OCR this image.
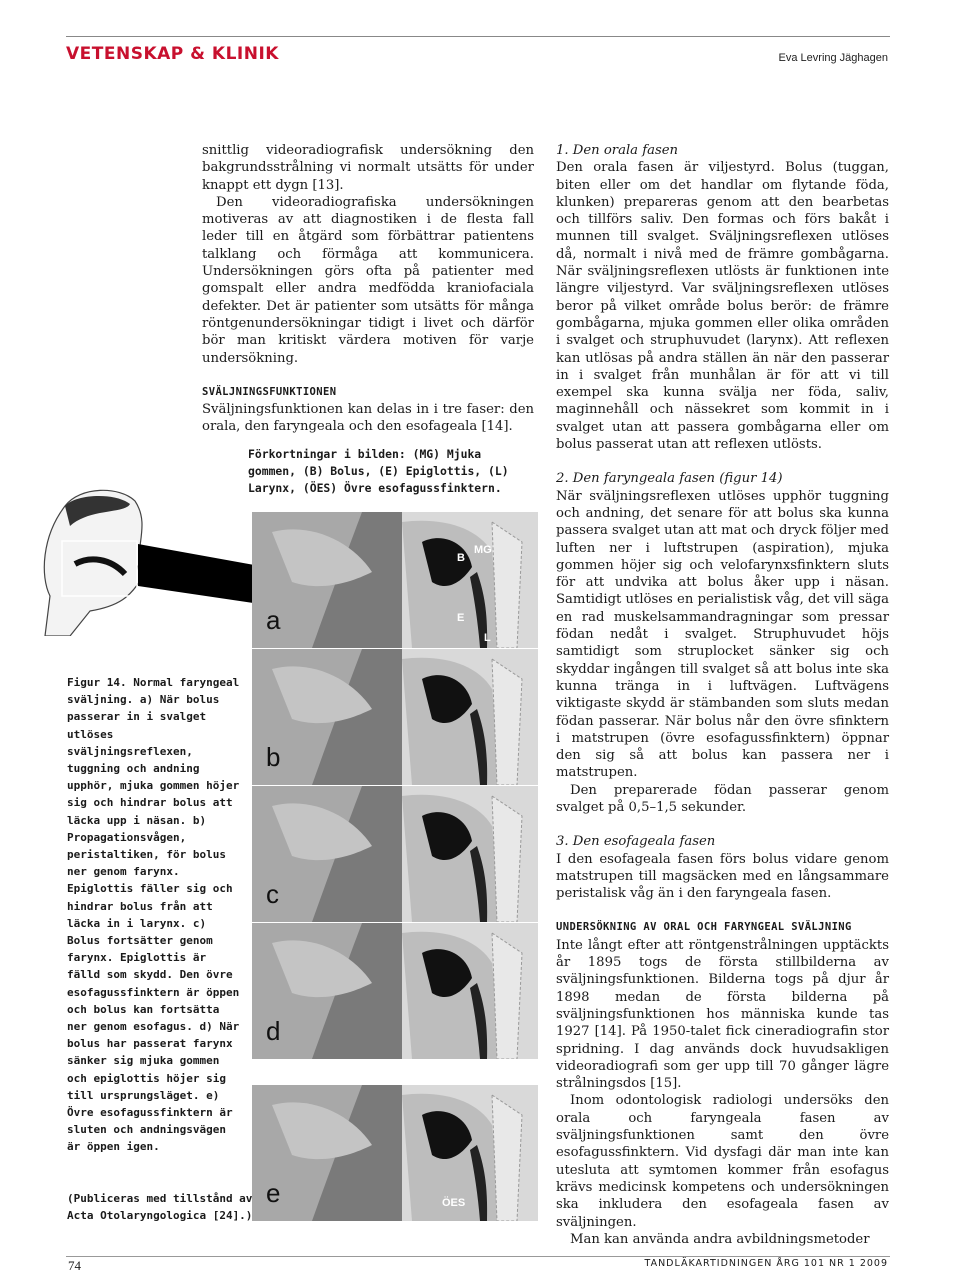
VETENSKAP & KLINIK	Eva Levring Jäghagen

snittlig videoradiografisk undersökning den bakgrundsstrålning vi normalt utsätts för under knappt ett dygn [13].

Den videoradiografiska undersökningen motiveras av att diagnostiken i de flesta fall leder till en åtgärd som förbättrar patientens talklang och förmåga att kommunicera. Undersökningen görs ofta på patienter med gomspalt eller andra medfödda kraniofaciala defekter. Det är patienter som utsätts för många röntgenundersökningar tidigt i livet och därför bör man kritiskt värdera motiven för varje undersökning.

SVÄLJNINGSFUNKTIONEN

Sväljningsfunktionen kan delas in i tre faser: den orala, den faryngeala och den esofageala [14].

Förkortningar i bilden: (MG) Mjuka gommen, (B) Bolus, (E) Epiglottis, (L) Larynx, (ÖES) Övre esofagussfinktern.
B
MG
E
L
a
b
c
d
ÖES
e
Figur 14. Normal faryngeal sväljning. a) När bolus passerar in i svalget utlöses sväljningsreflexen, tuggning och andning upphör, mjuka gommen höjer sig och hindrar bolus att läcka upp i näsan. b) Propagationsvågen, peristaltiken, för bolus ner genom farynx. Epiglottis fäller sig och hindrar bolus från att läcka in i larynx. c) Bolus fortsätter genom farynx. Epiglottis är fälld som skydd. Den övre esofagussfinktern är öppen och bolus kan fortsätta ner genom esofagus. d) När bolus har passerat farynx sänker sig mjuka gommen och epiglottis höjer sig till ursprungsläget. e) Övre esofagussfinktern är sluten och andningsvägen är öppen igen.
(Publiceras med tillstånd av Acta Otolaryngologica [24].)

1. Den orala fasen

Den orala fasen är viljestyrd. Bolus (tuggan, biten eller om det handlar om flytande föda, klunken) prepareras genom att den bearbetas och tillförs saliv. Den formas och förs bakåt i munnen till svalget. Sväljningsreflexen utlöses då, normalt i nivå med de främre gombågarna. När sväljningsreflexen utlösts är funktionen inte längre viljestyrd. Var sväljningsreflexen utlöses beror på vilket område bolus berör: de främre gombågarna, mjuka gommen eller olika områden i svalget och struphuvudet (larynx). Att reflexen kan utlösas på andra ställen än när den passerar in i svalget från munhålan är för att vi till exempel ska kunna svälja ner föda, saliv, maginnehåll och nässekret som kommit in i svalget utan att passera gombågarna eller om bolus passerat utan att reflexen utlösts.

2. Den faryngeala fasen (figur 14)

När sväljningsreflexen utlöses upphör tuggning och andning, det senare för att bolus ska kunna passera svalget utan att mat och dryck följer med luften ner i luftstrupen (aspiration), mjuka gommen höjer sig och velofarynxsfinktern sluts för att undvika att bolus åker upp i näsan. Samtidigt utlöses en perialistisk våg, det vill säga en rad muskelsammandragningar som pressar födan nedåt i svalget. Struphuvudet höjs samtidigt som struplocket sänker sig och skyddar ingången till svalget så att bolus inte ska kunna tränga in i luftvägen. Luftvägens viktigaste skydd är stämbanden som sluts medan födan passerar. När bolus når den övre sfinktern i matstrupen (övre esofagussfinktern) öppnar den sig så att bolus kan passera ner i matstrupen.

Den preparerade födan passerar genom svalget på 0,5–1,5 sekunder.

3. Den esofageala fasen

I den esofageala fasen förs bolus vidare genom matstrupen till magsäcken med en långsammare peristalisk våg än i den faryngeala fasen.

UNDERSÖKNING AV ORAL OCH FARYNGEAL SVÄLJNING

Inte långt efter att röntgenstrålningen upptäckts år 1895 togs de första stillbilderna av sväljningsfunktionen. Bilderna togs på djur år 1898 medan de första bilderna på sväljningsfunktionen hos människa kunde tas 1927 [14]. På 1950-talet fick cineradiografin stor spridning. I dag används dock huvudsakligen videoradiografi som ger upp till 70 gånger lägre strålningsdos [15].

Inom odontologisk radiologi undersöks den orala och faryngeala fasen av sväljningsfunktionen samt den övre esofagussfinktern. Vid dysfagi där man inte kan utesluta att symtomen kommer från esofagus krävs medicinsk kompetens och undersökningen ska inkludera den esofageala fasen av sväljningen.

Man kan använda andra avbildningsmetoder

74	TANDLÄKARTIDNINGEN ÅRG 101 NR 1 2009
